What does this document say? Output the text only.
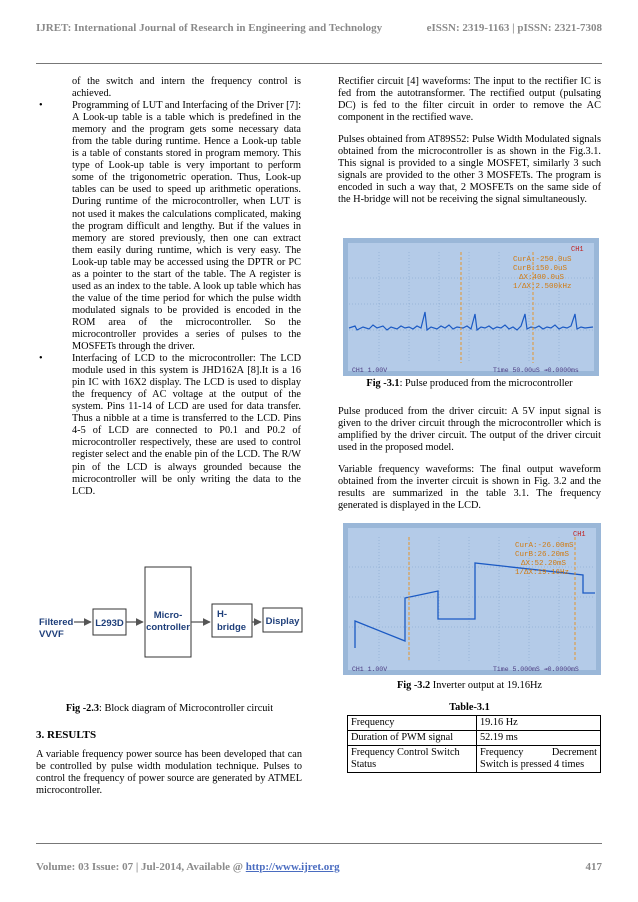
IJRET: International Journal of Research in Engineering and Technology	eISSN: 2319-1163 | pISSN: 2321-7308

of the switch and intern the frequency control is achieved.

•	Programming of LUT and Interfacing of the Driver [7]: A Look-up table is a table which is predefined in the memory and the program gets some necessary data from the table during runtime. Hence a Look-up table is a table of constants stored in program memory. This type of Look-up table is very important to perform some of the trigonometric operation. Thus, Look-up tables can be used to speed up arithmetic operations. During runtime of the microcontroller, when LUT is not used it makes the calculations complicated, making the program difficult and lengthy. But if the values in memory are stored previously, then one can extract them easily during runtime, which is very easy. The Look-up table may be accessed using the DPTR or PC as a pointer to the start of the table. The A register is used as an index to the table. A look up table which has the value of the time period for which the pulse width modulated signals to be provided is encoded in the ROM area of the microcontroller. So the microcontroller provides a series of pulses to the MOSFETs through the driver.
•	Interfacing of LCD to the microcontroller: The LCD module used in this system is JHD162A [8].It is a 16 pin IC with 16X2 display. The LCD is used to display the frequency of AC voltage at the output of the system. Pins 11-14 of LCD are used for data transfer. Thus a nibble at a time is transferred to the LCD. Pins 4-5 of LCD are connected to P0.1 and P0.2 of microcontroller respectively, these are used to control register select and the enable pin of the LCD. The R/W pin of the LCD is always grounded because the microcontroller will be only writing the data to the LCD.
Filtered
VVVF
L293D
Micro-
controller
H-
bridge
Display
Fig -2.3: Block diagram of Microcontroller circuit
3. RESULTS
A variable frequency power source has been developed that can be controlled by pulse width modulation technique. Pulses to control the frequency of power source are generated by ATMEL microcontroller.

Rectifier circuit [4] waveforms: The input to the rectifier IC is fed from the autotransformer. The rectified output (pulsating DC) is fed to the filter circuit in order to remove the AC component in the rectified wave.

Pulses obtained from AT89S52: Pulse Width Modulated signals obtained from the microcontroller is as shown in the Fig.3.1. This signal is provided to a single MOSFET, similarly 3 such signals are provided to the other 3 MOSFETs. The program is encoded in such a way that, 2 MOSFETs on the same side of the H-bridge will not be receiving the signal simultaneously.

CH1
CurA:-250.0uS
CurB:150.0uS
ΔX:400.0uS
1/ΔX:2.500kHz
CH1 1.00V	Time 50.00uS ⇥0.0000ms
Fig -3.1: Pulse produced from the microcontroller

Pulse produced from the driver circuit: A 5V input signal is given to the driver circuit through the microcontroller which is amplified by the driver circuit. The output of the driver circuit used in the proposed model.

Variable frequency waveforms: The final output waveform obtained from the inverter circuit is shown in Fig. 3.2 and the results are summarized in the table 3.1. The frequency generated is displayed in the LCD.

CH1
CurA:-26.00mS
CurB:26.20mS
ΔX:52.20mS
1/ΔX:19.16Hz
CH1 1.00V	Time 5.000mS ⇥0.0000mS
Fig -3.2 Inverter output at 19.16Hz
Table-3.1
Frequency	19.16 Hz
Duration of PWM signal	52.19 ms
Frequency Control Switch Status	Frequency Decrement Switch is pressed 4 times
Volume: 03 Issue: 07 | Jul-2014, Available @ http://www.ijret.org	417
